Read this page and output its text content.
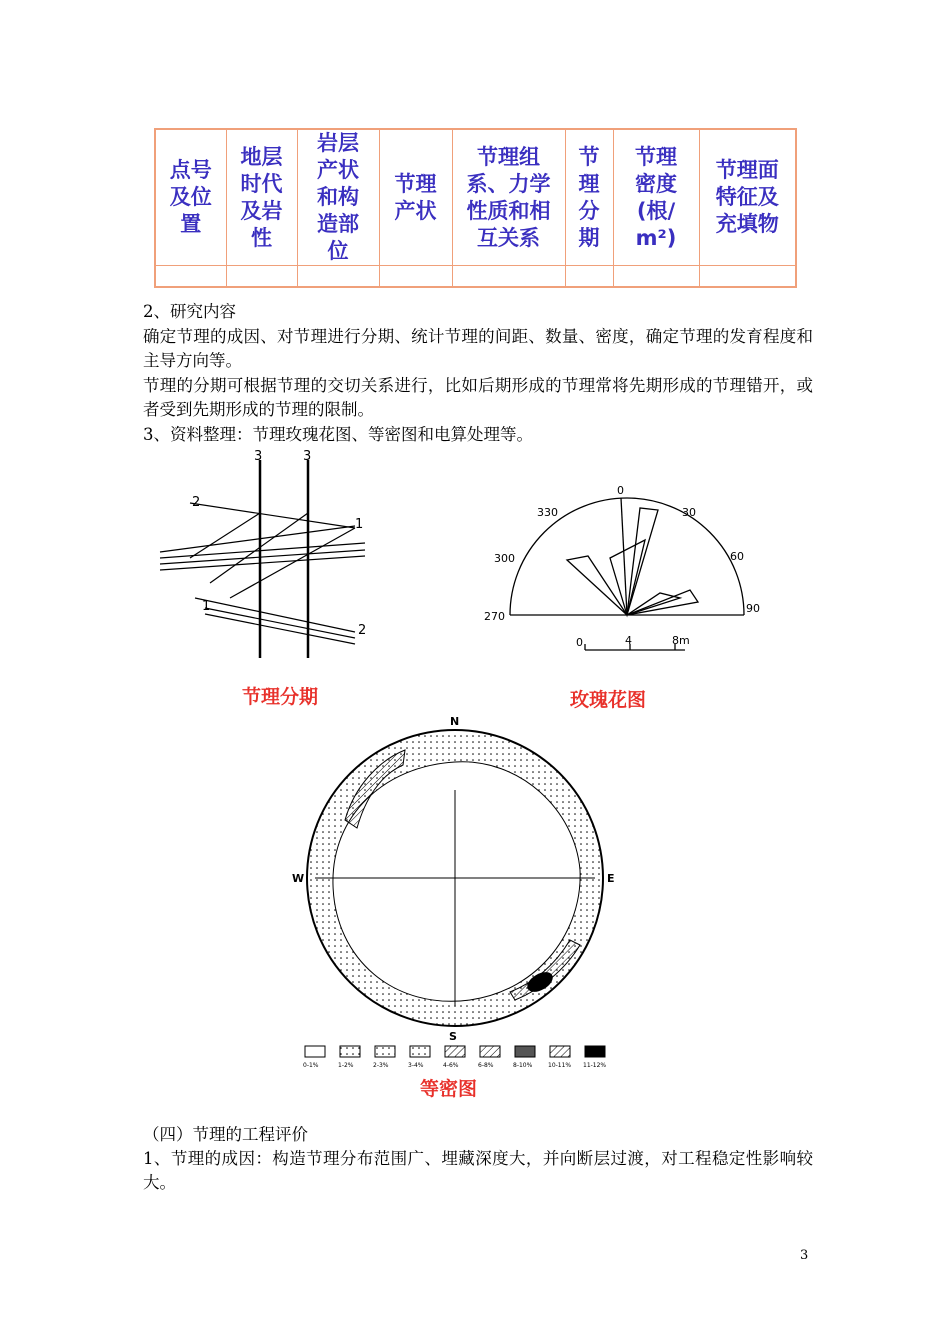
点号
及位
置	地层
时代
及岩
性	岩层
产状
和构
造部
位	节理
产状	节理组
系、力学
性质和相
互关系	节
理
分
期	节理
密度
(根/
m²)	节理面
特征及
充填物

2、研究内容
确定节理的成因、对节理进行分期、统计节理的间距、数量、密度，确定节理的发育程度和主导方向等。
节理的分期可根据节理的交切关系进行，比如后期形成的节理常将先期形成的节理错开，或者受到先期形成的节理的限制。
3、资料整理：节理玫瑰花图、等密图和电算处理等。
3	3
2
1
1
2
节理分期
0
30
60
90
270
300
330
0	4	8m
玫瑰花图
N
S
W	E
0-1%	1-2%	2-3%	3-4%	4-6%	6-8%	8-10%	10-11% 11-12%
等密图
（四）节理的工程评价
1、节理的成因：构造节理分布范围广、埋藏深度大，并向断层过渡，对工程稳定性影响较大。
3
